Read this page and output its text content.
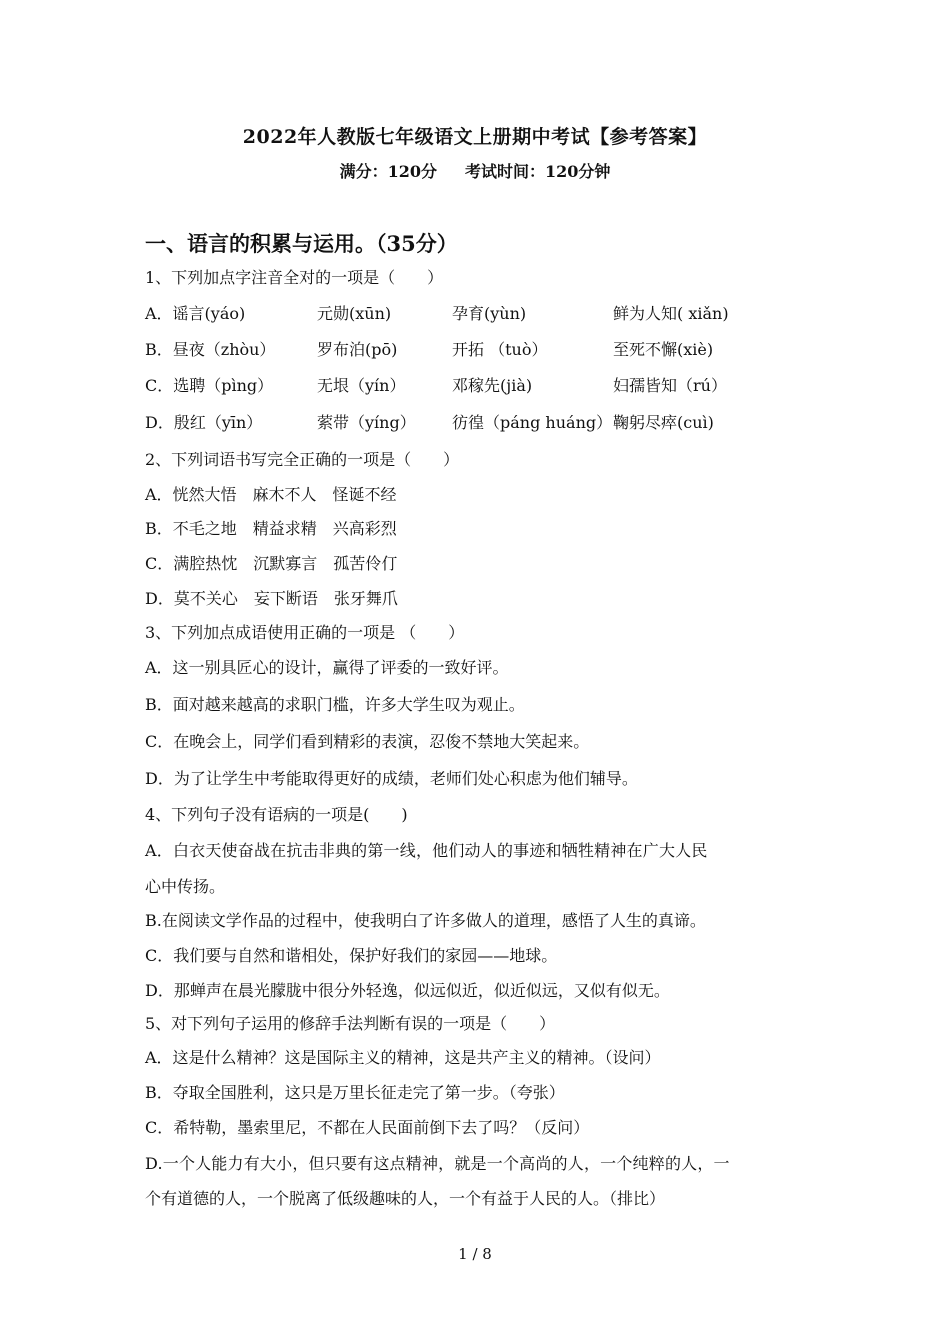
2022年人教版七年级语文上册期中考试【参考答案】
满分：120分 考试时间：120分钟
一、语言的积累与运用。（35分）
1、下列加点字注音全对的一项是（　　）
A．谣言(yáo)	元勋(xūn)	孕育(yùn)	鲜为人知( xiǎn)
B．昼夜（zhòu）	罗布泊(pō)	开拓 （tuò）	至死不懈(xiè)
C．选聘（pìng）	无垠（yín）	邓稼先(jià)	妇孺皆知（rú）
D．殷红（yīn）	萦带（yíng） 彷徨（páng huáng） 鞠躬尽瘁(cuì)
2、下列词语书写完全正确的一项是（　　）
A．恍然大悟　麻木不人　怪诞不经
B．不毛之地　精益求精　兴高彩烈
C．满腔热忱　沉默寡言　孤苦伶仃
D．莫不关心　妄下断语　张牙舞爪
3、下列加点成语使用正确的一项是 （　　）
A．这一别具匠心的设计，赢得了评委的一致好评。
B．面对越来越高的求职门槛，许多大学生叹为观止。
C．在晚会上，同学们看到精彩的表演，忍俊不禁地大笑起来。
D．为了让学生中考能取得更好的成绩，老师们处心积虑为他们辅导。
4、下列句子没有语病的一项是(　　)
A．白衣天使奋战在抗击非典的第一线，他们动人的事迹和牺牲精神在广大人民
心中传扬。
B.在阅读文学作品的过程中，使我明白了许多做人的道理，感悟了人生的真谛。
C．我们要与自然和谐相处，保护好我们的家园——地球。
D．那蝉声在晨光朦胧中很分外轻逸，似远似近，似近似远，又似有似无。
5、对下列句子运用的修辞手法判断有误的一项是（　　）
A．这是什么精神？这是国际主义的精神，这是共产主义的精神。（设问）
B．夺取全国胜利，这只是万里长征走完了第一步。（夸张）
C．希特勒，墨索里尼，不都在人民面前倒下去了吗？（反问）
D.一个人能力有大小，但只要有这点精神，就是一个高尚的人，一个纯粹的人，一
个有道德的人，一个脱离了低级趣味的人，一个有益于人民的人。（排比）
1 / 8
